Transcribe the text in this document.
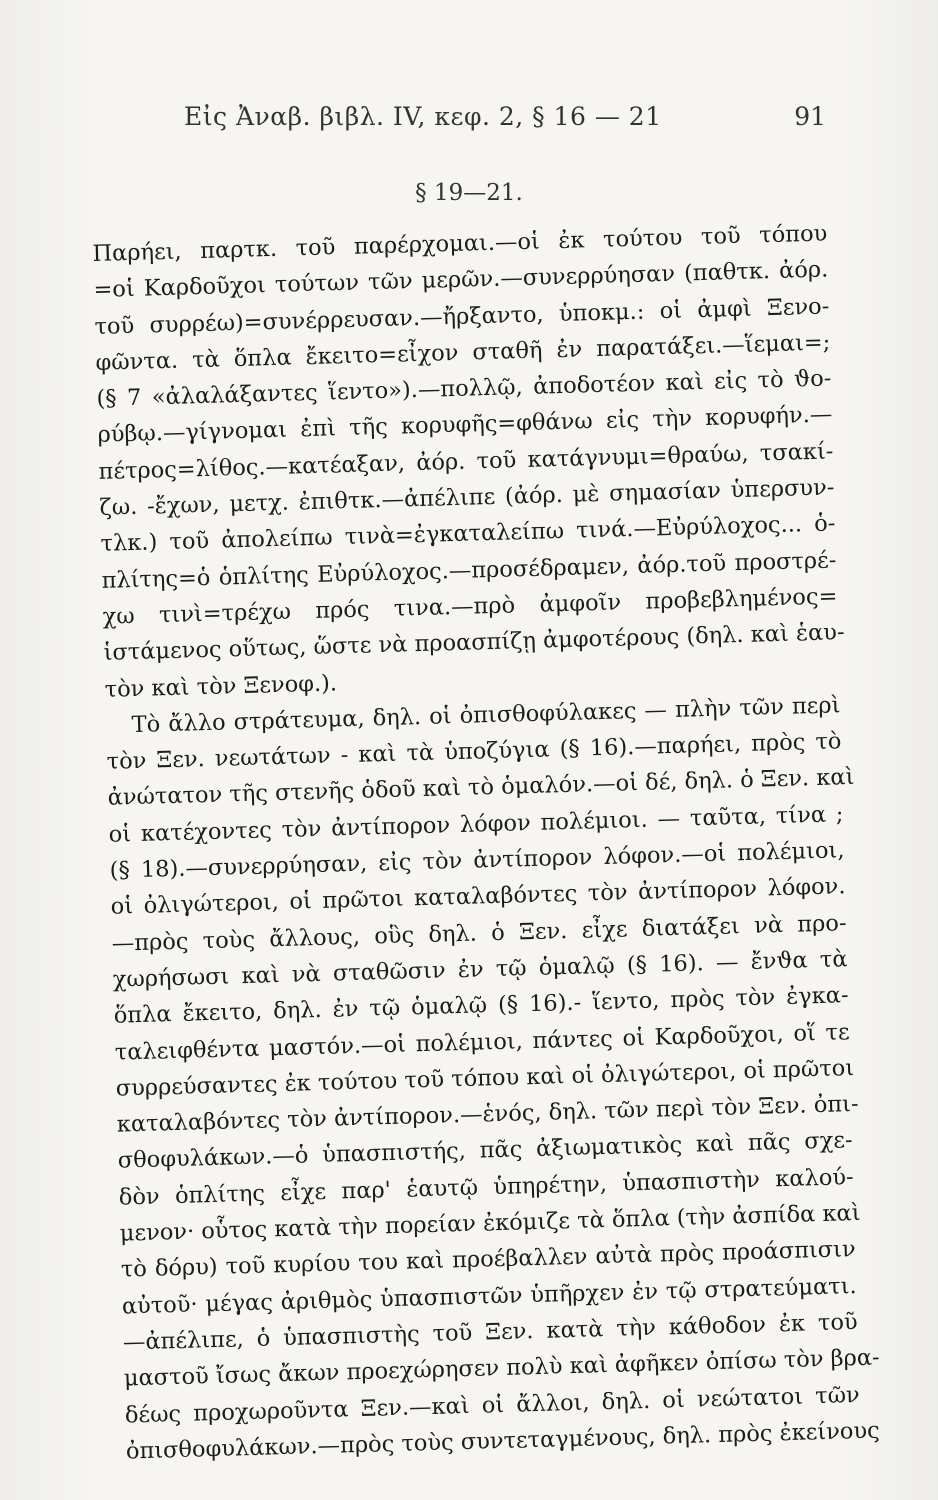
Εἰς Ἀναβ. βιβλ. IV, κεφ. 2, § 16 — 21	91
§ 19—21.
Παρήει, παρτκ. τοῦ παρέρχομαι.—οἱ ἐκ τούτου τοῦ τόπου
=οἱ Καρδοῦχοι τούτων τῶν μερῶν.—συνερρύησαν (παθτκ. ἀόρ.
τοῦ συρρέω)=συνέρρευσαν.—ἤρξαντο, ὑποκμ.: οἱ ἀμφὶ Ξενο-
φῶντα. τὰ ὅπλα ἔκειτο=εἶχον σταθῆ ἐν παρατάξει.—ἵεμαι=;
(§ 7 «ἀλαλάξαντες ἵεντο»).—πολλῷ, ἀποδοτέον καὶ εἰς τὸ ϑο-
ρύβῳ.—γίγνομαι ἐπὶ τῆς κορυφῆς=φθάνω εἰς τὴν κορυφήν.—
πέτρος=λίθος.—κατέαξαν, ἀόρ. τοῦ κατάγνυμι=θραύω, τσακί-
ζω. -ἔχων, μετχ. ἐπιθτκ.—ἀπέλιπε (ἀόρ. μὲ σημασίαν ὑπερσυν-
τλκ.) τοῦ ἀπολείπω τινὰ=ἐγκαταλείπω τινά.—Εὐρύλοχος... ὁ-
πλίτης=ὁ ὁπλίτης Εὐρύλοχος.—προσέδραμεν, ἀόρ.τοῦ προστρέ-
χω τινὶ=τρέχω πρός τινα.—πρὸ ἀμφοῖν προβεβλημένος=
ἱστάμενος οὕτως, ὥστε νὰ προασπίζῃ ἀμφοτέρους (δηλ. καὶ ἑαυ-
τὸν καὶ τὸν Ξενοφ.).
Τὸ ἄλλο στράτευμα, δηλ. οἱ ὀπισθοφύλακες — πλὴν τῶν περὶ
τὸν Ξεν. νεωτάτων - καὶ τὰ ὑποζύγια (§ 16).—παρήει, πρὸς τὸ
ἀνώτατον τῆς στενῆς ὁδοῦ καὶ τὸ ὁμαλόν.—οἱ δέ, δηλ. ὁ Ξεν. καὶ
οἱ κατέχοντες τὸν ἀντίπορον λόφον πολέμιοι. — ταῦτα, τίνα ;
(§ 18).—συνερρύησαν, εἰς τὸν ἀντίπορον λόφον.—οἱ πολέμιοι,
οἱ ὀλιγώτεροι, οἱ πρῶτοι καταλαβόντες τὸν ἀντίπορον λόφον.
—πρὸς τοὺς ἄλλους, οὓς δηλ. ὁ Ξεν. εἶχε διατάξει νὰ προ-
χωρήσωσι καὶ νὰ σταθῶσιν ἐν τῷ ὁμαλῷ (§ 16). — ἔνϑα τὰ
ὅπλα ἔκειτο, δηλ. ἐν τῷ ὁμαλῷ (§ 16).- ἵεντο, πρὸς τὸν ἐγκα-
ταλειφθέντα μαστόν.—οἱ πολέμιοι, πάντες οἱ Καρδοῦχοι, οἵ τε
συρρεύσαντες ἐκ τούτου τοῦ τόπου καὶ οἱ ὀλιγώτεροι, οἱ πρῶτοι
καταλαβόντες τὸν ἀντίπορον.—ἑνός, δηλ. τῶν περὶ τὸν Ξεν. ὀπι-
σθοφυλάκων.—ὁ ὑπασπιστής, πᾶς ἀξιωματικὸς καὶ πᾶς σχε-
δὸν ὁπλίτης εἶχε παρ' ἑαυτῷ ὑπηρέτην, ὑπασπιστὴν καλού-
μενον· οὗτος κατὰ τὴν πορείαν ἐκόμιζε τὰ ὅπλα (τὴν ἀσπίδα καὶ
τὸ δόρυ) τοῦ κυρίου του καὶ προέβαλλεν αὐτὰ πρὸς προάσπισιν
αὐτοῦ· μέγας ἀριθμὸς ὑπασπιστῶν ὑπῆρχεν ἐν τῷ στρατεύματι.
—ἀπέλιπε, ὁ ὑπασπιστὴς τοῦ Ξεν. κατὰ τὴν κάθοδον ἐκ τοῦ
μαστοῦ ἴσως ἄκων προεχώρησεν πολὺ καὶ ἀφῆκεν ὀπίσω τὸν βρα-
δέως προχωροῦντα Ξεν.—καὶ οἱ ἄλλοι, δηλ. οἱ νεώτατοι τῶν
ὀπισθοφυλάκων.—πρὸς τοὺς συντεταγμένους, δηλ. πρὸς ἐκείνους
